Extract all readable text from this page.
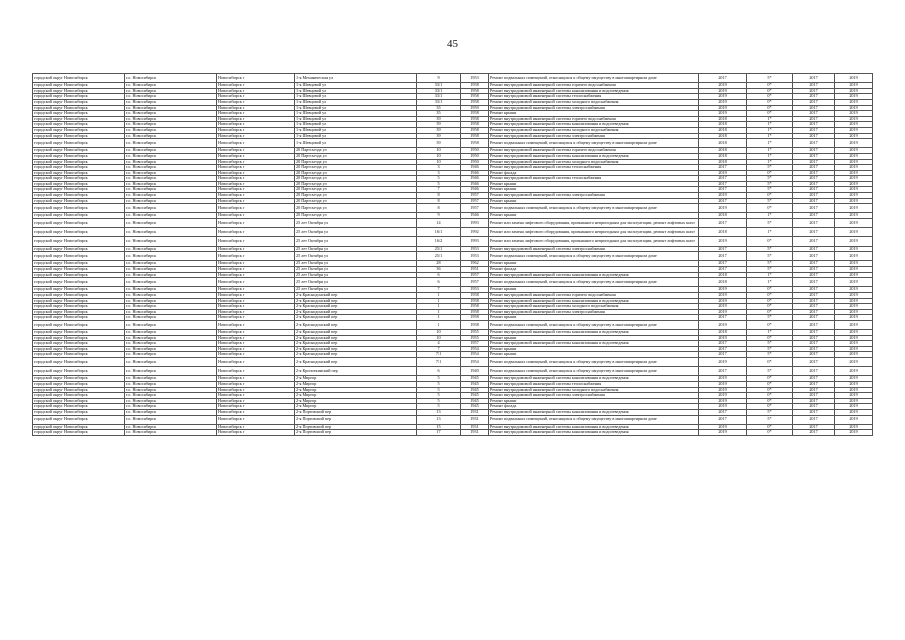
45
городской округ Новосибирск	г.о. Новосибирск	Новосибирск г	1-я Механическая ул	9	1953	Ремонт подвальных помещений, относящихся к общему имуществу в многоквартирном доме	2017	5*	2017	2019
городской округ Новосибирск	г.о. Новосибирск	Новосибирск г	1-я Шевцовой ул	33/1	1958	Ремонт внутридомовой инженерной системы горячего водоснабжения	2019	0*	2017	2019
городской округ Новосибирск	г.о. Новосибирск	Новосибирск г	1-я Шевцовой ул	33/1	1958	Ремонт внутридомовой инженерной системы канализования и водоотведения	2019	0*	2017	2019
городской округ Новосибирск	г.о. Новосибирск	Новосибирск г	1-я Шевцовой ул	33/1	1958	Ремонт внутридомовой инженерной системы теплоснабжения	2019	0*	2017	2019
городской округ Новосибирск	г.о. Новосибирск	Новосибирск г	1-я Шевцовой ул	33/1	1958	Ремонт внутридомовой инженерной системы холодного водоснабжения	2019	0*	2017	2019
городской округ Новосибирск	г.о. Новосибирск	Новосибирск г	1-я Шевцовой ул	35	1959	Ремонт внутридомовой инженерной системы электроснабжения	2019	0*	2017	2019
городской округ Новосибирск	г.о. Новосибирск	Новосибирск г	1-я Шевцовой ул	35	1958	Ремонт крыши	2019	0*	2017	2019
городской округ Новосибирск	г.о. Новосибирск	Новосибирск г	1-я Шевцовой ул	39	1958	Ремонт внутридомовой инженерной системы горячего водоснабжения	2018	1*	2017	2019
городской округ Новосибирск	г.о. Новосибирск	Новосибирск г	1-я Шевцовой ул	39	1958	Ремонт внутридомовой инженерной системы канализования и водоотведения	2018	1*	2017	2019
городской округ Новосибирск	г.о. Новосибирск	Новосибирск г	1-я Шевцовой ул	39	1958	Ремонт внутридомовой инженерной системы холодного водоснабжения	2018	1*	2017	2019
городской округ Новосибирск	г.о. Новосибирск	Новосибирск г	1-я Шевцовой ул	39	1958	Ремонт внутридомовой инженерной системы электроснабжения	2018	1*	2017	2019
городской округ Новосибирск	г.о. Новосибирск	Новосибирск г	1-я Шевцовой ул	39	1958	Ремонт подвальных помещений, относящихся к общему имуществу в многоквартирном доме	2018	1*	2017	2019
городской округ Новосибирск	г.о. Новосибирск	Новосибирск г	20 Партсъезда ул	10	1950	Ремонт внутридомовой инженерной системы горячего водоснабжения	2018	1*	2017	2019
городской округ Новосибирск	г.о. Новосибирск	Новосибирск г	20 Партсъезда ул	10	1950	Ремонт внутридомовой инженерной системы канализования и водоотведения	2018	1*	2017	2019
городской округ Новосибирск	г.о. Новосибирск	Новосибирск г	20 Партсъезда ул	10	1950	Ремонт внутридомовой инженерной системы холодного водоснабжения	2018	1*	2017	2019
городской округ Новосибирск	г.о. Новосибирск	Новосибирск г	20 Партсъезда ул	3	1946	Ремонт внутридомовой инженерной системы теплоснабжения	2017	5*	2017	2019
городской округ Новосибирск	г.о. Новосибирск	Новосибирск г	20 Партсъезда ул	3	1946	Ремонт фасада	2019	0*	2017	2019
городской округ Новосибирск	г.о. Новосибирск	Новосибирск г	20 Партсъезда ул	5	1946	Ремонт внутридомовой инженерной системы теплоснабжения	2017	5*	2017	2019
городской округ Новосибирск	г.о. Новосибирск	Новосибирск г	20 Партсъезда ул	5	1946	Ремонт крыши	2017	5*	2017	2019
городской округ Новосибирск	г.о. Новосибирск	Новосибирск г	20 Партсъезда ул	7	1946	Ремонт крыши	2017	5*	2017	2019
городской округ Новосибирск	г.о. Новосибирск	Новосибирск г	20 Партсъезда ул	8	1957	Ремонт внутридомовой инженерной системы электроснабжения	2019	0*	2017	2019
городской округ Новосибирск	г.о. Новосибирск	Новосибирск г	20 Партсъезда ул	8	1957	Ремонт крыши	2017	5*	2017	2019
городской округ Новосибирск	г.о. Новосибирск	Новосибирск г	20 Партсъезда ул	8	1957	Ремонт подвальных помещений, относящихся к общему имуществу в многоквартирном доме	2019	0*	2017	2019
городской округ Новосибирск	г.о. Новосибирск	Новосибирск г	20 Партсъезда ул	9	1946	Ремонт крыши	2018	1*	2017	2019
городской округ Новосибирск	г.о. Новосибирск	Новосибирск г	25 лет Октября ул	14	1993	Ремонт или замена лифтового оборудования, признанного непригодным для эксплуатации, ремонт лифтовых шахт	2017	5*	2017	2019
городской округ Новосибирск	г.о. Новосибирск	Новосибирск г	25 лет Октября ул	16/1	1992	Ремонт или замена лифтового оборудования, признанного непригодным для эксплуатации, ремонт лифтовых шахт	2018	1*	2017	2019
городской округ Новосибирск	г.о. Новосибирск	Новосибирск г	25 лет Октября ул	16/2	1993	Ремонт или замена лифтового оборудования, признанного непригодным для эксплуатации, ремонт лифтовых шахт	2019	0*	2017	2019
городской округ Новосибирск	г.о. Новосибирск	Новосибирск г	25 лет Октября ул	25/1	1953	Ремонт внутридомовой инженерной системы электроснабжения	2017	5*	2017	2019
городской округ Новосибирск	г.о. Новосибирск	Новосибирск г	25 лет Октября ул	25/1	1953	Ремонт подвальных помещений, относящихся к общему имуществу в многоквартирном доме	2017	5*	2017	2019
городской округ Новосибирск	г.о. Новосибирск	Новосибирск г	25 лет Октября ул	28	1962	Ремонт крыши	2017	5*	2017	2019
городской округ Новосибирск	г.о. Новосибирск	Новосибирск г	25 лет Октября ул	36	1951	Ремонт фасада	2017	5*	2017	2019
городской округ Новосибирск	г.о. Новосибирск	Новосибирск г	25 лет Октября ул	6	1957	Ремонт внутридомовой инженерной системы канализования и водоотведения	2018	1*	2017	2019
городской округ Новосибирск	г.о. Новосибирск	Новосибирск г	25 лет Октября ул	6	1957	Ремонт подвальных помещений, относящихся к общему имуществу в многоквартирном доме	2018	1*	2017	2019
городской округ Новосибирск	г.о. Новосибирск	Новосибирск г	25 лет Октября ул	7	1953	Ремонт крыши	2019	0*	2017	2019
городской округ Новосибирск	г.о. Новосибирск	Новосибирск г	2-я Краснодонский пер	1	1958	Ремонт внутридомовой инженерной системы горячего водоснабжения	2019	0*	2017	2019
городской округ Новосибирск	г.о. Новосибирск	Новосибирск г	2-я Краснодонский пер	1	1958	Ремонт внутридомовой инженерной системы канализования и водоотведения	2019	0*	2017	2019
городской округ Новосибирск	г.о. Новосибирск	Новосибирск г	2-я Краснодонский пер	1	1958	Ремонт внутридомовой инженерной системы холодного водоснабжения	2019	0*	2017	2019
городской округ Новосибирск	г.о. Новосибирск	Новосибирск г	2-я Краснодонский пер	1	1958	Ремонт внутридомовой инженерной системы электроснабжения	2019	0*	2017	2019
городской округ Новосибирск	г.о. Новосибирск	Новосибирск г	2-я Краснодонский пер	1	1958	Ремонт крыши	2017	5*	2017	2019
городской округ Новосибирск	г.о. Новосибирск	Новосибирск г	2-я Краснодонский пер	1	1958	Ремонт подвальных помещений, относящихся к общему имуществу в многоквартирном доме	2019	0*	2017	2019
городской округ Новосибирск	г.о. Новосибирск	Новосибирск г	2-я Краснодонский пер	10	1955	Ремонт внутридомовой инженерной системы канализования и водоотведения	2018	1*	2017	2019
городской округ Новосибирск	г.о. Новосибирск	Новосибирск г	2-я Краснодонский пер	10	1955	Ремонт крыши	2019	0*	2017	2019
городской округ Новосибирск	г.о. Новосибирск	Новосибирск г	2-я Краснодонский пер	4	1957	Ремонт внутридомовой инженерной системы канализования и водоотведения	2017	5*	2017	2019
городской округ Новосибирск	г.о. Новосибирск	Новосибирск г	2-я Краснодонский пер	7	1954	Ремонт крыши	2017	5*	2017	2019
городской округ Новосибирск	г.о. Новосибирск	Новосибирск г	2-я Краснодонский пер	7/1	1954	Ремонт крыши	2017	5*	2017	2019
городской округ Новосибирск	г.о. Новосибирск	Новосибирск г	2-я Краснодонский пер	7/1	1954	Ремонт подвальных помещений, относящихся к общему имуществу в многоквартирном доме	2019	0*	2017	2019
городской округ Новосибирск	г.о. Новосибирск	Новосибирск г	2-я Кропоткинский пер	6	1940	Ремонт подвальных помещений, относящихся к общему имуществу в многоквартирном доме	2017	5*	2017	2019
городской округ Новосибирск	г.о. Новосибирск	Новосибирск г	2-я Миргор	5	1945	Ремонт внутридомовой инженерной системы канализования и водоотведения	2019	0*	2017	2019
городской округ Новосибирск	г.о. Новосибирск	Новосибирск г	2-я Миргор	5	1945	Ремонт внутридомовой инженерной системы теплоснабжения	2019	0*	2017	2019
городской округ Новосибирск	г.о. Новосибирск	Новосибирск г	2-я Миргор	5	1945	Ремонт внутридомовой инженерной системы холодного водоснабжения	2019	0*	2017	2019
городской округ Новосибирск	г.о. Новосибирск	Новосибирск г	2-я Миргор	5	1945	Ремонт внутридомовой инженерной системы электроснабжения	2019	0*	2017	2019
городской округ Новосибирск	г.о. Новосибирск	Новосибирск г	2-я Миргор	5	1945	Ремонт крыши	2019	0*	2017	2019
городской округ Новосибирск	г.о. Новосибирск	Новосибирск г	2-я Миргор	5	1945	Ремонт фасада	2019	0*	2017	2019
городской округ Новосибирск	г.о. Новосибирск	Новосибирск г	2-я Портовский пер	13	1931	Ремонт внутридомовой инженерной системы канализования и водоотведения	2017	5*	2017	2019
городской округ Новосибирск	г.о. Новосибирск	Новосибирск г	2-я Портовский пер	13	1931	Ремонт подвальных помещений, относящихся к общему имуществу в многоквартирном доме	2017	5*	2017	2019
городской округ Новосибирск	г.о. Новосибирск	Новосибирск г	2-я Портовский пер	15	1931	Ремонт внутридомовой инженерной системы канализования и водоотведения	2019	0*	2017	2019
городской округ Новосибирск	г.о. Новосибирск	Новосибирск г	2-я Портовский пер	17	1931	Ремонт внутридомовой инженерной системы канализования и водоотведения	2019	0*	2017	2019
